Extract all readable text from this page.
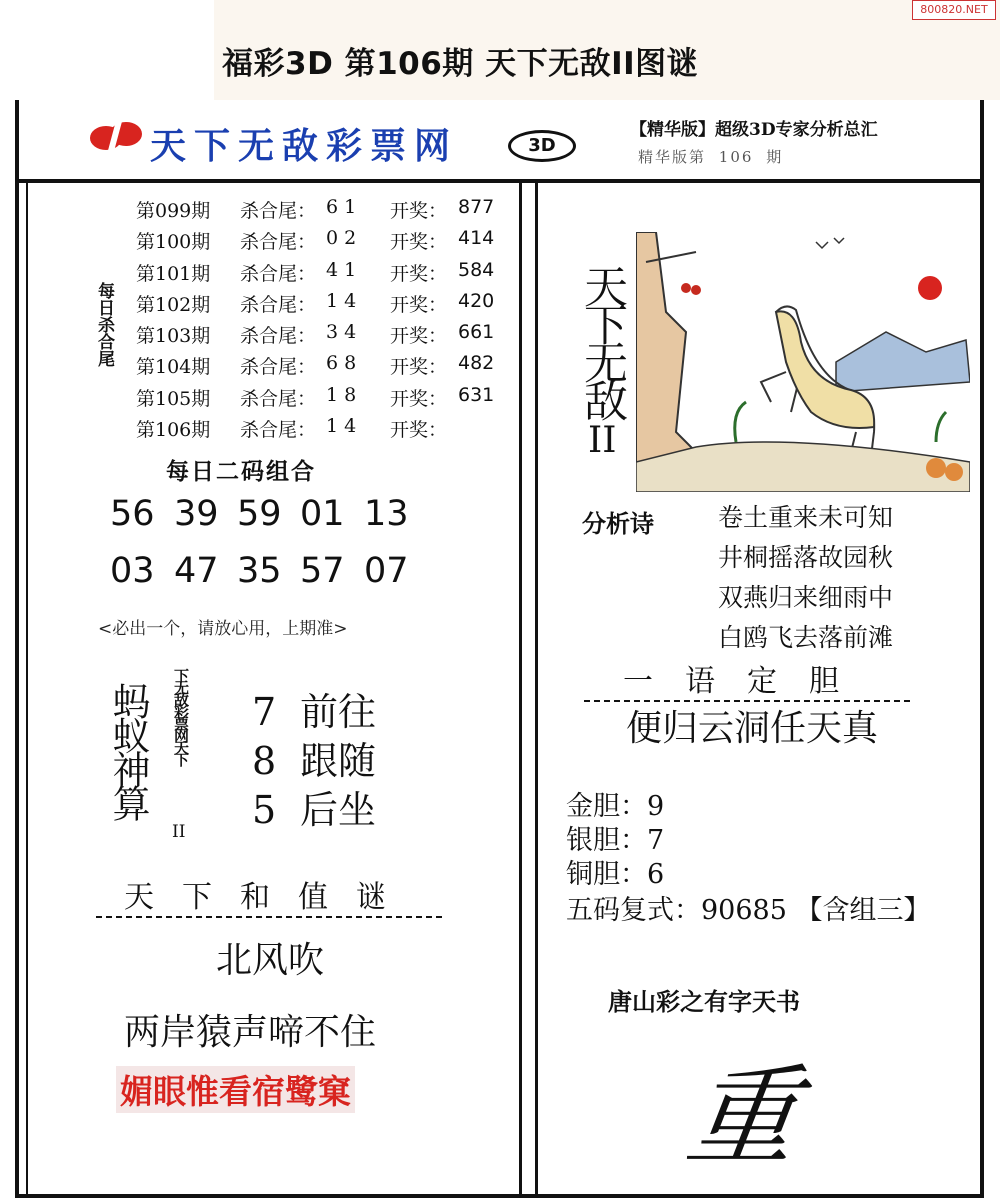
福彩3D 第106期 天下无敌II图谜
800820.NET
天下无敌彩票网	3D
【精华版】超级3D专家分析总汇
精华版第 106 期
每日杀合尾
第099期 杀合尾： 6 1 开奖： 877
第100期 杀合尾： 0 2 开奖： 414
第101期 杀合尾： 4 1 开奖： 584
第102期 杀合尾： 1 4 开奖： 420
第103期 杀合尾： 3 4 开奖： 661
第104期 杀合尾： 6 8 开奖： 482
第105期 杀合尾： 1 8 开奖： 631
第106期 杀合尾： 1 4 开奖：
每日二码组合
56 39 59 01 13
03 47 35 57 07
<必出一个，请放心用，上期准>
蚂蚁神算 下无敌彩票网天下
II
7 前往
8 跟随
5 后坐
天下和值谜
北风吹
两岸猿声啼不住
媚眼惟看宿鹭窠
天下无敌
II
分析诗	卷土重来未可知
井桐摇落故园秋
双燕归来细雨中
白鸥飞去落前滩
一语定胆
便归云洞任天真
金胆：9
银胆：7
铜胆：6
五码复式：90685 【含组三】
唐山彩之有字天书
重
